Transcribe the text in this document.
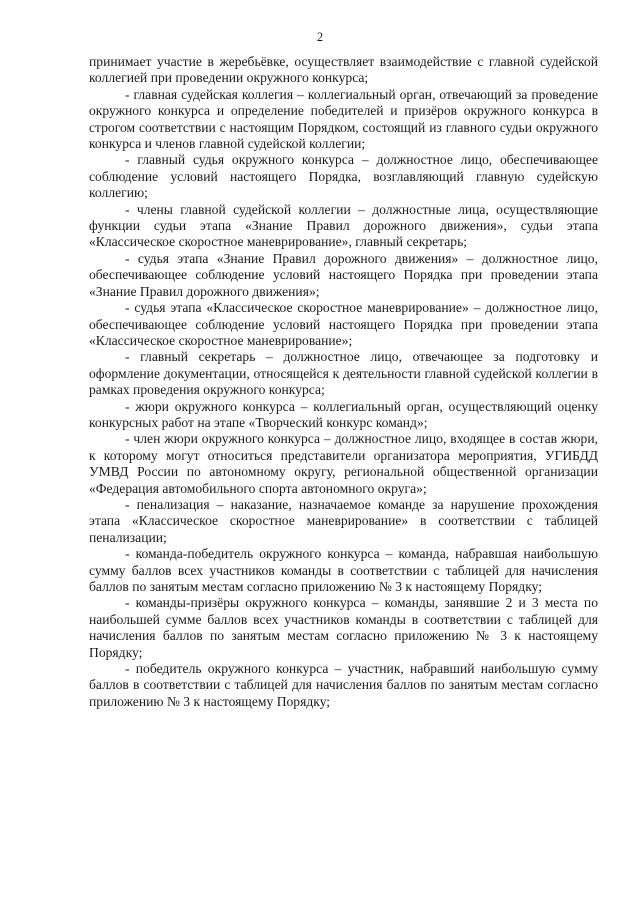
2

принимает участие в жеребьёвке, осуществляет взаимодействие с главной судейской коллегией при проведении окружного конкурса;

- главная судейская коллегия – коллегиальный орган, отвечающий за проведение окружного конкурса и определение победителей и призёров окружного конкурса в строгом соответствии с настоящим Порядком, состоящий из главного судьи окружного конкурса и членов главной судейской коллегии;

- главный судья окружного конкурса – должностное лицо, обеспечивающее соблюдение условий настоящего Порядка, возглавляющий главную судейскую коллегию;

- члены главной судейской коллегии – должностные лица, осуществляющие функции судьи этапа «Знание Правил дорожного движения», судьи этапа «Классическое скоростное маневрирование», главный секретарь;

- судья этапа «Знание Правил дорожного движения» – должностное лицо, обеспечивающее соблюдение условий настоящего Порядка при проведении этапа «Знание Правил дорожного движения»;

- судья этапа «Классическое скоростное маневрирование» – должностное лицо, обеспечивающее соблюдение условий настоящего Порядка при проведении этапа «Классическое скоростное маневрирование»;

- главный секретарь – должностное лицо, отвечающее за подготовку и оформление документации, относящейся к деятельности главной судейской коллегии в рамках проведения окружного конкурса;

- жюри окружного конкурса – коллегиальный орган, осуществляющий оценку конкурсных работ на этапе «Творческий конкурс команд»;

- член жюри окружного конкурса – должностное лицо, входящее в состав жюри, к которому могут относиться представители организатора мероприятия, УГИБДД УМВД России по автономному округу, региональной общественной организации «Федерация автомобильного спорта автономного округа»;

- пенализация – наказание, назначаемое команде за нарушение прохождения этапа «Классическое скоростное маневрирование» в соответствии с таблицей пенализации;

- команда-победитель окружного конкурса – команда, набравшая наибольшую сумму баллов всех участников команды в соответствии с таблицей для начисления баллов по занятым местам согласно приложению № 3 к настоящему Порядку;

- команды-призёры окружного конкурса – команды, занявшие 2 и 3 места по наибольшей сумме баллов всех участников команды в соответствии с таблицей для начисления баллов по занятым местам согласно приложению № 3 к настоящему Порядку;

- победитель окружного конкурса – участник, набравший наибольшую сумму баллов в соответствии с таблицей для начисления баллов по занятым местам согласно приложению № 3 к настоящему Порядку;
